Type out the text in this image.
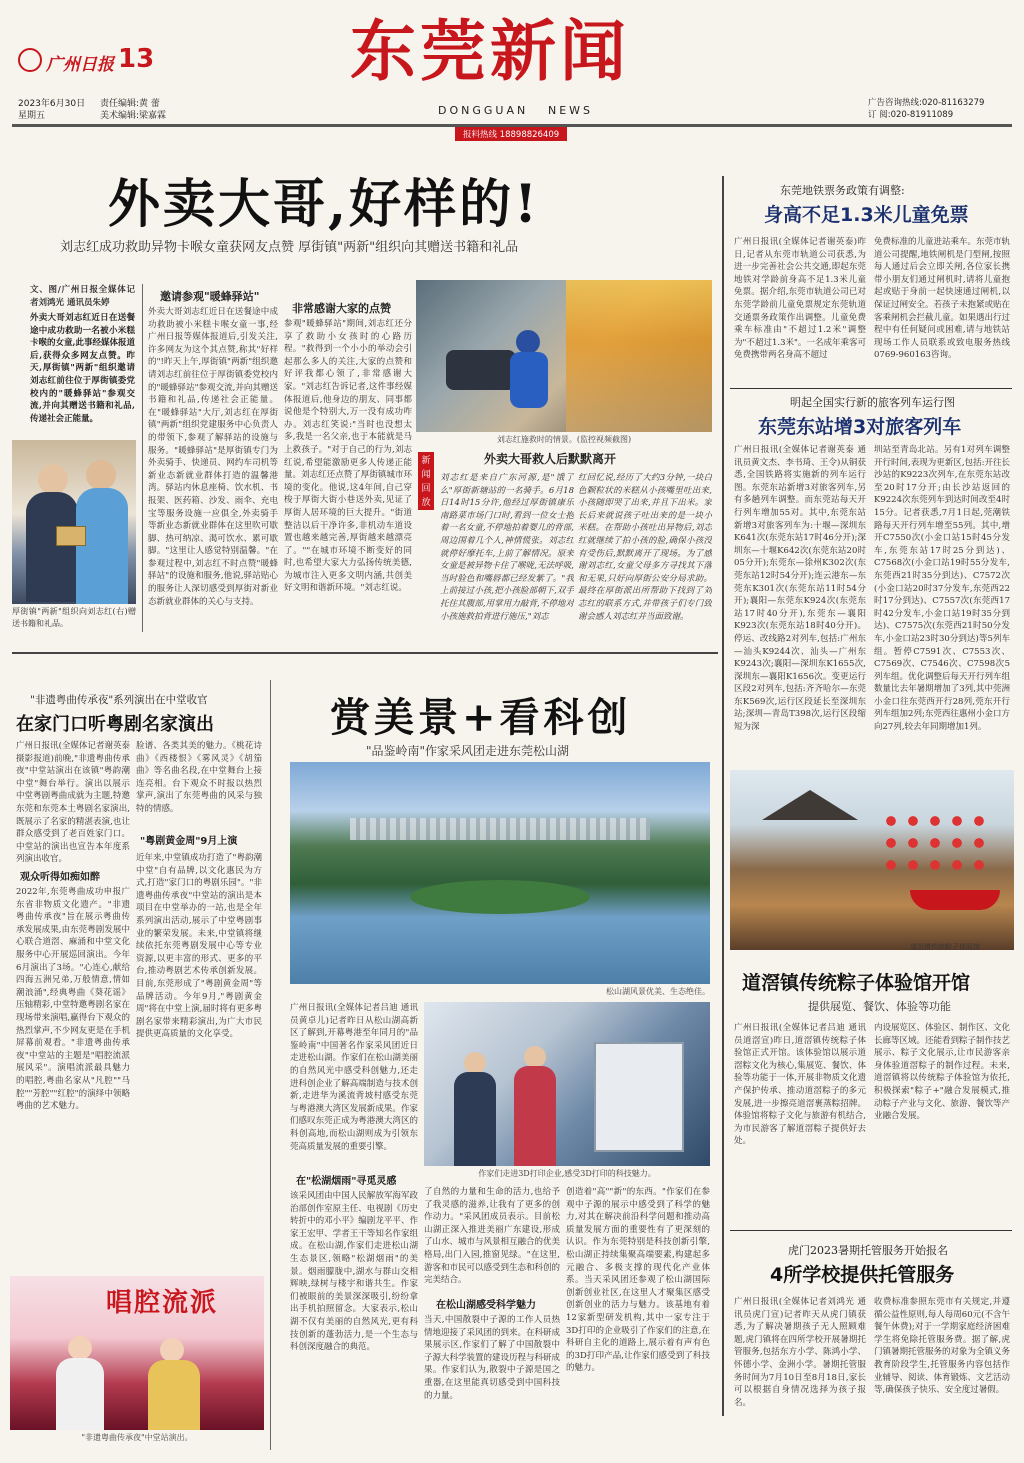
广州日报 13	东莞新闻
DONGGUAN NEWS
2023年6月30日
星期五
责任编辑:黄 蕾
美术编辑:梁嘉霖
广告咨询热线:020-81163279
订 阅:020-81911089
报料热线 18898826409
外卖大哥,好样的!
刘志红成功救助异物卡喉女童获网友点赞 厚街镇"两新"组织向其赠送书籍和礼品
文、图/广州日报全媒体记者刘鸿光 通讯员朱婷
外卖大哥刘志红近日在送餐途中成功救助一名被小米糕卡喉的女童,此事经媒体报道后,获得众多网友点赞。昨天,厚街镇"两新"组织邀请刘志红前往位于厚街镇委党校内的"暖蜂驿站"参观交流,并向其赠送书籍和礼品,传递社会正能量。
厚街镇"两新"组织向刘志红(右)赠送书籍和礼品。
邀请参观"暖蜂驿站"
外卖大哥刘志红近日在送餐途中成功救助被小米糕卡喉女童一事,经广州日报等媒体报道后,引发关注,许多网友为这个其点赞,称其"好样的"!昨天上午,厚街镇"两新"组织邀请刘志红前往位于厚街镇委党校内的"暖蜂驿站"参观交流,并向其赠送书籍和礼品,传递社会正能量。在"暖蜂驿站"大厅,刘志红在厚街镇"两新"组织党建服务中心负责人的带领下,参观了解驿站的设施与服务。"暖蜂驿站"是厚街镇专门为外卖骑手、快递员、网约车司机等新业态新就业群体打造的温馨港湾。驿站内休息座椅、饮水机、书报架、医药箱、沙发、雨伞、充电宝等服务设施一应俱全,外卖骑手等新业态新就业群体在这里吹可歇脚、热可纳凉、渴可饮水、累可歇脚。"这里让人感觉特别温馨。"在参观过程中,刘志红不时点赞"暖蜂驿站"的设施和服务,他说,驿站贴心的服务让人深切感受到厚街对新业态新就业群体的关心与支持。
非常感谢大家的点赞
参观"暖蜂驿站"期间,刘志红还分享了救助小女孩时的心路历程。"救得到一个小小的举动会引起那么多人的关注,大家的点赞和好评我都心领了,非常感谢大家。"刘志红告诉记者,这件事经媒体报道后,他身边的朋友、同事都说他是个特别大,万一没有成功咋办。刘志红笑说:"当时也没想太多,我是一名父亲,也于本能就是马上救孩子。"对于自己的行为,刘志红说,希望能激励更多人传递正能量。刘志红还点赞了厚街镇城市环境的变化。他说,这4年间,自己穿梭于厚街大街小巷送外卖,见证了厚街人居环境的巨大提升。"街道整洁以后干净许多,非机动车道设置也越来越完善,厚街越来越漂亮了。""在城市环境不断变好的同时,也希望大家大力弘扬传统美德,为城市注入更多文明内涵,共创美好文明和谐新环境。"刘志红说。
刘志红施救时的情景。(监控视频截图)
新闻回放
外卖大哥救人后默默离开
刘志红是来自广东河源,是"饿了么"厚街新塘站的一名骑手。6月18日14时15分许,他经过厚街镇康乐南路菜市场门口时,看到一位女士抱着一名女童,不停地拍着婴儿的背部,周边围着几个人,神情慌张。刘志红就停好摩托车,上前了解情况。原来女童是被异物卡住了喉咙,无法呼吸,当时脸色和嘴唇都已经发紫了。"我上前接过小孩,把小孩脸部朝下,双手托住其腹部,用掌用力敲背,不停地对小孩施救拍背进行施压,"刘志
红回忆说,经历了大约3分钟,一块白色颗粒状的米糕从小孩嘴里吐出来,小孩随即哭了出来,并且下出米。家长后来就说孩子吐出来的是一块小米糕。在帮助小孩吐出异物后,刘志红就继续了拍小孩的脸,确保小孩没有受伤后,默默离开了现场。为了感谢刘志红,女童父母多方寻找其下落和无果,只好向厚街公安分局求助。最终在厚街派出所帮助下找到了刘志红的联系方式,并带孩子们专门致谢会感人刘志红并当面致谢。
东莞地铁票务政策有调整:
身高不足1.3米儿童免票
广州日报讯(全媒体记者谢英泰)昨日,记者从东莞市轨道公司获悉,为进一步完善社会公共交通,即起东莞地铁对学龄前身高不足1.3米儿童免票。据介绍,东莞市轨道公司已对东莞学龄前儿童免票规定东莞轨道交通票务政策作出调整。儿童免费乘车标准由"不超过1.2米"调整为"不超过1.3米"。一名成年乘客可免费携带两名身高不超过
免费标准的儿童进站乘车。东莞市轨道公司提醒,地铁闸机是门型闸,按照每人通过后会立即关闸,各位家长携带小朋友们通过闸机时,请将儿童抱起或贴于身前一起快速通过闸机,以保证过闸安全。若孩子未抱紧或贴在客乘闸机会拦截儿童。如果遇出行过程中有任何疑问或困难,请与地铁站现场工作人员联系或致电服务热线0769-960163咨询。
明起全国实行新的旅客列车运行图
东莞东站增3对旅客列车
广州日报讯(全媒体记者谢英泰 通讯员黄文杰、李书琦、王令)从铜获悉,全国铁路将实施新的列车运行图。东莞东站新增3对旅客列车,另有多趟列车调整。而东莞站每天开行列车增加55对。其中,东莞东站新增3对旅客列车为:十堰—深圳东K641次(东莞东站17时46分开);深圳东—十堰K642次(东莞东站20时05分开);东莞东—徐州K302次(东莞东站12时54分开);连云港东—东莞东K301次(东莞东站11时54分开);襄阳—东莞东K924次(东莞东站17时40分开),东莞东—襄阳K923次(东莞东站18时40分开)。停运、改线路2对列车,包括:广州东—汕头K9244次、汕头—广州东K9243次;襄阳—深圳东K1655次,深圳东—襄阳K1656次。变更运行区段2对列车,包括:齐齐哈尔—东莞东K569次,运行区段延长至深圳东站;深圳—青岛T398次,运行区段缩短为深
圳站至青岛北站。另有1对列车调整开行时间,表现为更新区,包括:开往长沙站的K9223次列车,在东莞东站改至20时17分开;由长沙站返回的K9224次东莞列车到达时间改至4时15分。记者获悉,7月1日起,莞潮铁路每天开行列车增至55列。其中,增开C7550次(小金口站15时45分发车,东莞东站17时25分到达)、C7568次(小金口站19时55分发车,东莞西21时35分到达)、C7572次(小金口站20时37分发车,东莞西22时17分到达)、C7557次(东莞西17时42分发车,小金口站19时35分到达)、C7575次(东莞西21时50分发车,小金口站23时30分到达)等5列车组。暂停C7591次、C7553次、C7569次、C7546次、C7598次5列车组。优化调整后每天开行列车组数量比去年暑期增加了3列,其中莞洲小金口往东莞西开行28列,莞东开行列车组加2列;东莞西往惠州小金口方向27列,较去年同期增加1列。
"非遗粤曲传承夜"系列演出在中堂收官
在家门口听粤剧名家演出
广州日报讯(全媒体记者谢英泰 摄影报道)前晚,"非遗粤曲传承夜"中堂站演出在该镇"粤韵潮中堂"舞台举行。演出以展示中堂粤剧粤曲成就为主题,特邀东莞和东莞本土粤剧名家演出,既展示了名家的精湛表演,也让群众感受到了老百姓家门口。中堂站的演出也宣告本年度系列演出收官。
观众听得如痴如醉
2022年,东莞粤曲成功申报广东省非物质文化遗产。"非遗粤曲传承夜"旨在展示粤曲传承发展成果,由东莞粤剧发展中心联合道滘、麻涌和中堂文化服务中心开展巡回演出。今年6月演出了3场。"心连心,献给四海五洲兄弟,万般情意,情如潮浪涌",经典粤曲《葵花谣》压轴精彩,中堂特邀粤剧名家在现场带来演唱,赢得台下观众的热烈掌声,不少网友更是在手机屏幕前观看。"非遗粤曲传承夜"中堂站的主题是"唱腔流派展风采"。演唱流派最具魅力的唱腔,粤曲名家从"凡腔""马腔""芳腔""红腔"的演绎中领略粤曲的艺术魅力。
脸谱、各类其美的魅力。《桃花诗曲》《西楼恨》《雾风灵》《胡笳曲》等名曲名段,在中堂舞台上接连亮相。台下观众不时报以热烈掌声,演出了东莞粤曲的风采与独特的情感。
"粤剧黄金周"9月上演
近年来,中堂镇成功打造了"粤韵潮中堂"自有品牌,以文化惠民为方式,打造"家门口的粤剧乐园"。"非遗粤曲传承夜"中堂站的演出是本项目在中堂举办的一站,也是全年系列演出活动,展示了中堂粤剧事业的繁荣发展。未来,中堂镇将继续依托东莞粤剧发展中心等专业资源,以更丰富的形式、更多的平台,推动粤剧艺术传承创新发展。目前,东莞形成了"粤剧黄金周"等品牌活动。今年9月,"粤剧黄金周"将在中堂上演,届时将有更多粤剧名家带来精彩演出,为广大市民提供更高质量的文化享受。
唱腔流派
"非遗粤曲传承夜"中堂站演出。
赏美景+看科创
"品鉴岭南"作家采风团走进东莞松山湖
松山湖风景优美、生态绝佳。
广州日报讯(全媒体记者吕迪 通讯员黄卓儿)记者昨日从松山湖高新区了解到,开幕粤港至年同月的"品鉴岭南"中国著名作家采风团近日走进松山湖。作家们在松山湖美丽的自然风光中感受科创魅力,还走进科创企业了解高端制造与技术创新,走进华为溪流背坡村感受东莞与粤港澳大湾区发展新成果。作家们感叹东莞正成为粤港澳大湾区的科创高地,而松山湖则成为引领东莞高质量发展的重要引擎。
在"松湖烟雨"寻觅灵感
该采风团由中国人民解放军海军政治部创作室原主任、电视剧《历史转折中的邓小平》编剧龙平平、作家王宏甲、学者王干等知名作家组成。在松山湖,作家们走进松山湖生态景区,领略"松湖烟雨"的美景。烟雨朦胧中,湖水与群山交相辉映,绿树与楼宇和谐共生。作家们被眼前的美景深深吸引,纷纷拿出手机拍照留念。大家表示,松山湖不仅有美丽的自然风光,更有科技创新的蓬勃活力,是一个生态与科创深度融合的典范。
作家们走进3D打印企业,感受3D打印的科技魅力。
了自然的力量和生命的活力,也给予了我灵感的滋养,让我有了更多的创作动力。"采风团成员表示。目前松山湖正深入推进美丽广东建设,形成了山水、城市与风景相互融合的优美格局,出门入园,推窗见绿。"在这里,游客和市民可以感受到生态和科创的完美结合。
在松山湖感受科学魅力
当天,中国散裂中子源的工作人员热情地迎接了采风团的到来。在科研成果展示区,作家们了解了中国散裂中子源大科学装置的建设历程与科研成果。作家们认为,散裂中子源是国之重器,在这里能真切感受到中国科技的力量。
创造着"高""新"的东西。"作家们在参观中子源的展示中感受到了科学的魅力,对其在解决前沿科学问题和推动高质量发展方面的重要性有了更深刻的认识。作为东莞特别是科技创新引擎,松山湖正持续集聚高端要素,构建起多元融合、多极支撑的现代化产业体系。当天采风团还参观了松山湖国际创新创业社区,在这里人才聚集区感受创新创业的活力与魅力。该基地有着12家新型研发机构,其中一家专注于3D打印的企业吸引了作家们的注意,在科研自主化的道路上,展示着有声有色的3D打印产品,让作家们感受到了科技的魅力。
道滘镇传统粽子体验馆
道滘镇传统粽子体验馆开馆
提供展览、餐饮、体验等功能
广州日报讯(全媒体记者吕迪 通讯员道滘宣)昨日,道滘镇传统粽子体验馆正式开馆。该体验馆以展示道滘粽文化为核心,集展览、餐饮、体验等功能于一体,开展非物质文化遗产保护传承、推动道滘粽子的多元发展,进一步擦亮道滘裹蒸粽招牌。体验馆将粽子文化与旅游有机结合,为市民游客了解道滘粽子提供好去处。
内设展览区、体验区、制作区、文化长廊等区域。还能看到粽子制作技艺展示、粽子文化展示,让市民游客亲身体验道滘粽子的制作过程。未来,道滘镇将以传统粽子体验馆为依托,积极探索"粽子+"融合发展模式,推动粽子产业与文化、旅游、餐饮等产业融合发展。
虎门2023暑期托管服务开始报名
4所学校提供托管服务
广州日报讯(全媒体记者刘鸿光 通讯员虎门宣)记者昨天从虎门镇获悉,为了解决暑期孩子无人照顾难题,虎门镇将在四所学校开展暑期托管服务,包括东方小学、陈鸿小学、怀德小学、金洲小学。暑期托管服务时间为7月10日至8月18日,家长可以根据自身情况选择为孩子报名。
收费标准参照东莞市有关规定,并遵循公益性原则,每人每周60元(不含午餐午休费);对于一学期家庭经济困难学生将免除托管服务费。据了解,虎门镇暑期托管服务的对象为全镇义务教育阶段学生,托管服务内容包括作业辅导、阅读、体育锻炼、文艺活动等,确保孩子快乐、安全度过暑假。
